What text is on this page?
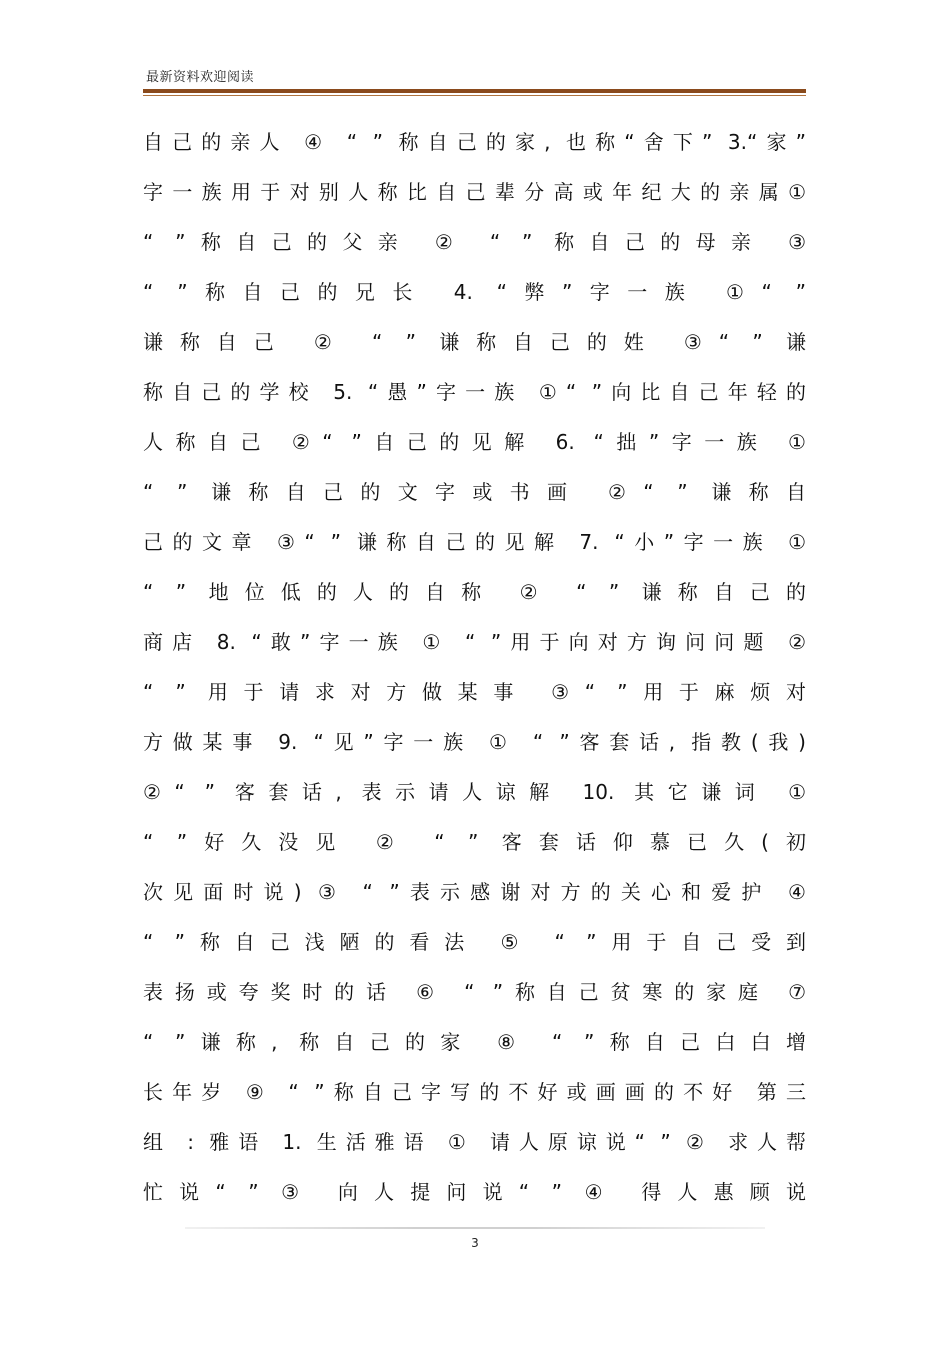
最新资料欢迎阅读
自己的亲人 ④ “ ” 称自己的家, 也称“舍下” 3.“家”
字 一 族 用 于 对 别 人 称 比 自 己 辈 分 高 或 年 纪 大 的 亲 属 ①
“ ”称自己的父亲 ② “ ” 称自己的母亲 ③
“ ”称自己的兄长 4. “弊”字一族 ①“ ”
谦称自己 ② “ ” 谦称自己的姓 ③“ ” 谦
称自己的学校 5. “愚”字一族 ①“ ”向比自己年轻的
人称自己 ②“ ”自己的见解 6. “拙”字一族 ①
“ ” 谦称自己的文字或书画 ②“ ” 谦称自
己的文章 ③“ ” 谦称自己的见解 7. “小”字一族 ①
“ ” 地位低的人的自称 ② “ ” 谦称自己的
商店 8. “敢”字一族 ① “ ”用于向对方询问问题 ②
“ ” 用于请求对方做某事 ③“ ”用于麻烦对
方做某事 9. “见”字一族 ① “ ”客套话, 指教(我)
②“ ” 客套话, 表示请人谅解 10. 其它谦词 ①
“ ”好久没见 ② “ ” 客套话仰慕已久(初
次见面时说) ③ “ ”表示感谢对方的关心和爱护 ④
“ ”称自己浅陋的看法 ⑤ “ ”用于自己受到
表扬或夸奖时的话 ⑥ “ ”称自己贫寒的家庭 ⑦
“ ”谦称, 称自己的家 ⑧ “ ”称自己白白增
长年岁 ⑨ “ ”称自己字写的不好或画画的不好 第三
组 : 雅语 1. 生活雅语 ① 请人原谅说“ ” ② 求人帮
忙说“ ” ③ 向人提问说“ ” ④ 得人惠顾说
3
